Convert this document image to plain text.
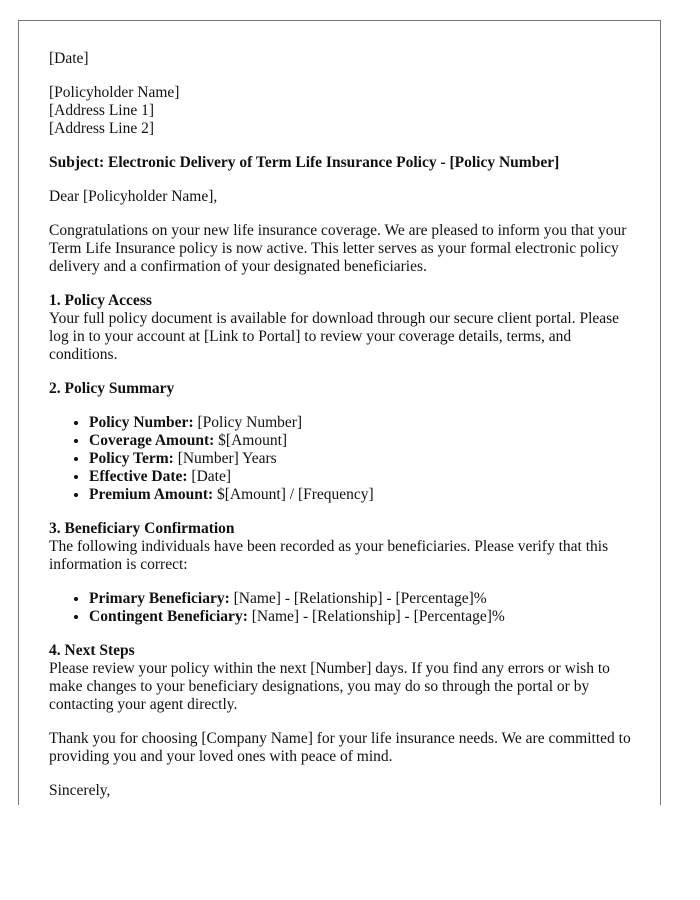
[Date]

[Policyholder Name]

[Address Line 1]

[Address Line 2]

Subject: Electronic Delivery of Term Life Insurance Policy - [Policy Number]

Dear [Policyholder Name],

Congratulations on your new life insurance coverage. We are pleased to inform you that your Term Life Insurance policy is now active. This letter serves as your formal electronic policy delivery and a confirmation of your designated beneficiaries.

1. Policy Access
Your full policy document is available for download through our secure client portal. Please log in to your account at [Link to Portal] to review your coverage details, terms, and conditions.

2. Policy Summary

• Policy Number: [Policy Number]
• Coverage Amount: $[Amount]
• Policy Term: [Number] Years
• Effective Date: [Date]
• Premium Amount: $[Amount] / [Frequency]

3. Beneficiary Confirmation
The following individuals have been recorded as your beneficiaries. Please verify that this information is correct:

• Primary Beneficiary: [Name] - [Relationship] - [Percentage]%
• Contingent Beneficiary: [Name] - [Relationship] - [Percentage]%

4. Next Steps
Please review your policy within the next [Number] days. If you find any errors or wish to make changes to your beneficiary designations, you may do so through the portal or by contacting your agent directly.

Thank you for choosing [Company Name] for your life insurance needs. We are committed to providing you and your loved ones with peace of mind.

Sincerely,
